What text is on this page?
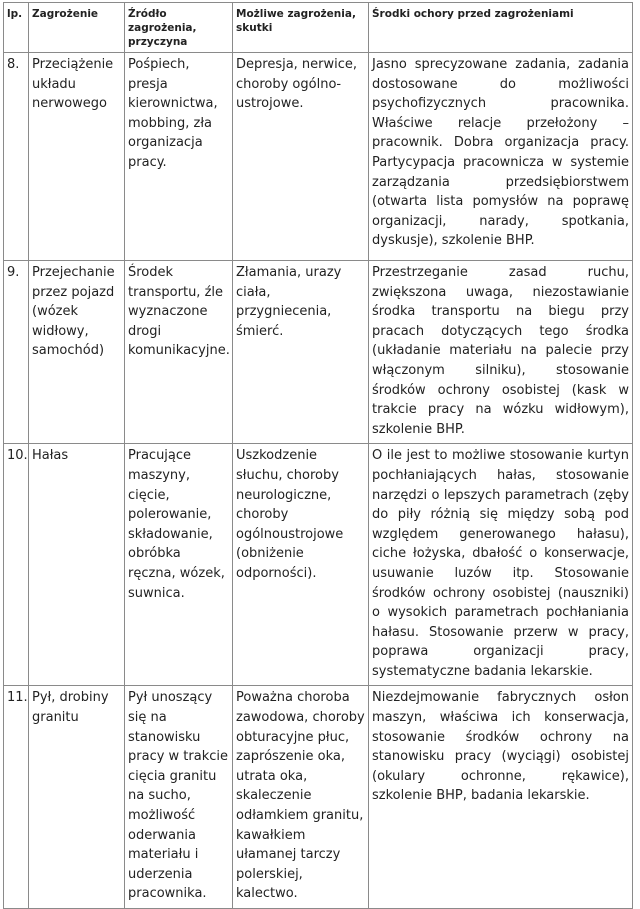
lp.	Zagrożenie	Źródło zagrożenia, przyczyna	Możliwe zagrożenia, skutki	Środki ochory przed zagrożeniami
8.	Przeciążenie układu nerwowego	Pośpiech, presja kierownictwa, mobbing, zła organizacja pracy.	Depresja, nerwice, choroby ogólnoustrojowe.	Jasno sprecyzowane zadania, zadania dostosowane do możliwości psychofizycznych pracownika. Właściwe relacje przełożony – pracownik. Dobra organizacja pracy. Partycypacja pracownicza w systemie zarządzania przedsiębiorstwem (otwarta lista pomysłów na poprawę organizacji, narady, spotkania, dyskusje), szkolenie BHP.
9.	Przejechanie przez pojazd (wózek widłowy, samochód)	Środek transportu, źle wyznaczone drogi komunikacyjne.	Złamania, urazy ciała, przygniecenia, śmierć.	Przestrzeganie zasad ruchu, zwiększona uwaga, niezostawianie środka transportu na biegu przy pracach dotyczących tego środka (układanie materiału na palecie przy włączonym silniku), stosowanie środków ochrony osobistej (kask w trakcie pracy na wózku widłowym), szkolenie BHP.
10.	Hałas	Pracujące maszyny, cięcie, polerowanie, składowanie, obróbka ręczna, wózek, suwnica.	Uszkodzenie słuchu, choroby neurologiczne, choroby ogólnoustrojowe (obniżenie odporności).	O ile jest to możliwe stosowanie kurtyn pochłaniających hałas, stosowanie narzędzi o lepszych parametrach (zęby do piły różnią się między sobą pod względem generowanego hałasu), ciche łożyska, dbałość o konserwacje, usuwanie luzów itp. Stosowanie środków ochrony osobistej (nauszniki) o wysokich parametrach pochłaniania hałasu. Stosowanie przerw w pracy, poprawa organizacji pracy, systematyczne badania lekarskie.
11.	Pył, drobiny granitu	Pył unoszący się na stanowisku pracy w trakcie cięcia granitu na sucho, możliwość oderwania materiału i uderzenia pracownika.	Poważna choroba zawodowa, choroby obturacyjne płuc, zaprószenie oka, utrata oka, skaleczenie odłamkiem granitu, kawałkiem ułamanej tarczy polerskiej, kalectwo.	Niezdejmowanie fabrycznych osłon maszyn, właściwa ich konserwacja, stosowanie środków ochrony na stanowisku pracy (wyciągi) osobistej (okulary ochronne, rękawice), szkolenie BHP, badania lekarskie.
